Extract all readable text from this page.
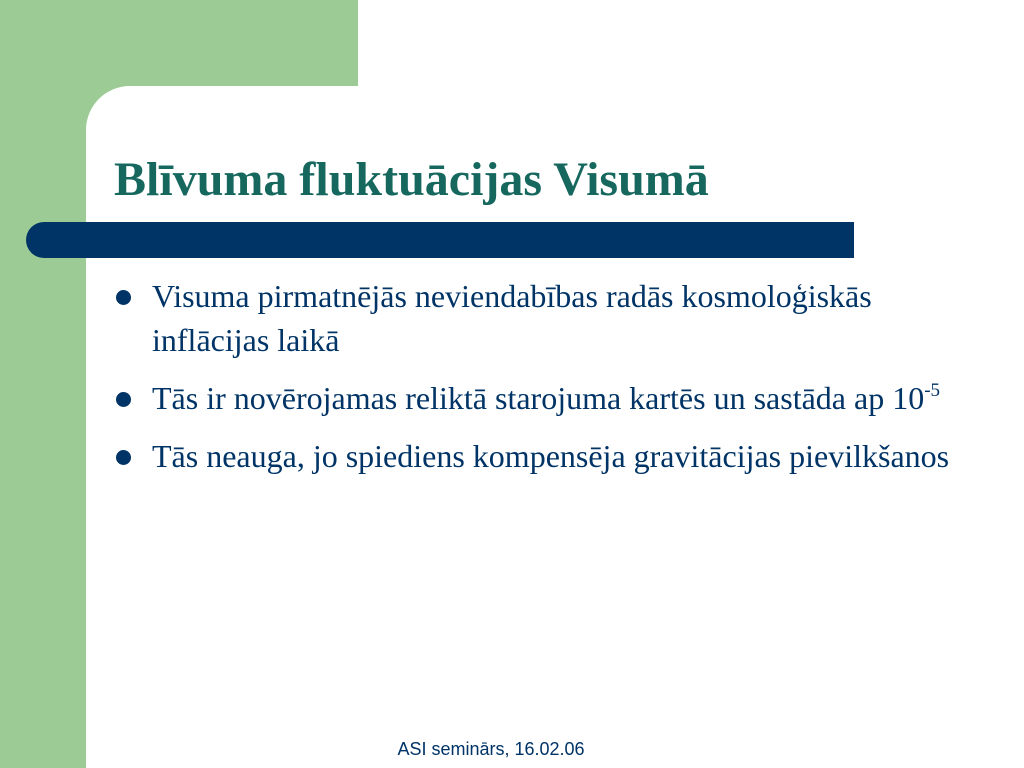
Blīvuma fluktuācijas Visumā
Visuma pirmatnējās neviendabības radās kosmoloģiskās inflācijas laikā
Tās ir novērojamas reliktā starojuma kartēs un sastāda ap $10^{-5}$
Tās neauga, jo spiediens kompensēja gravitācijas pievilkšanos
ASI seminārs, 16.02.06
